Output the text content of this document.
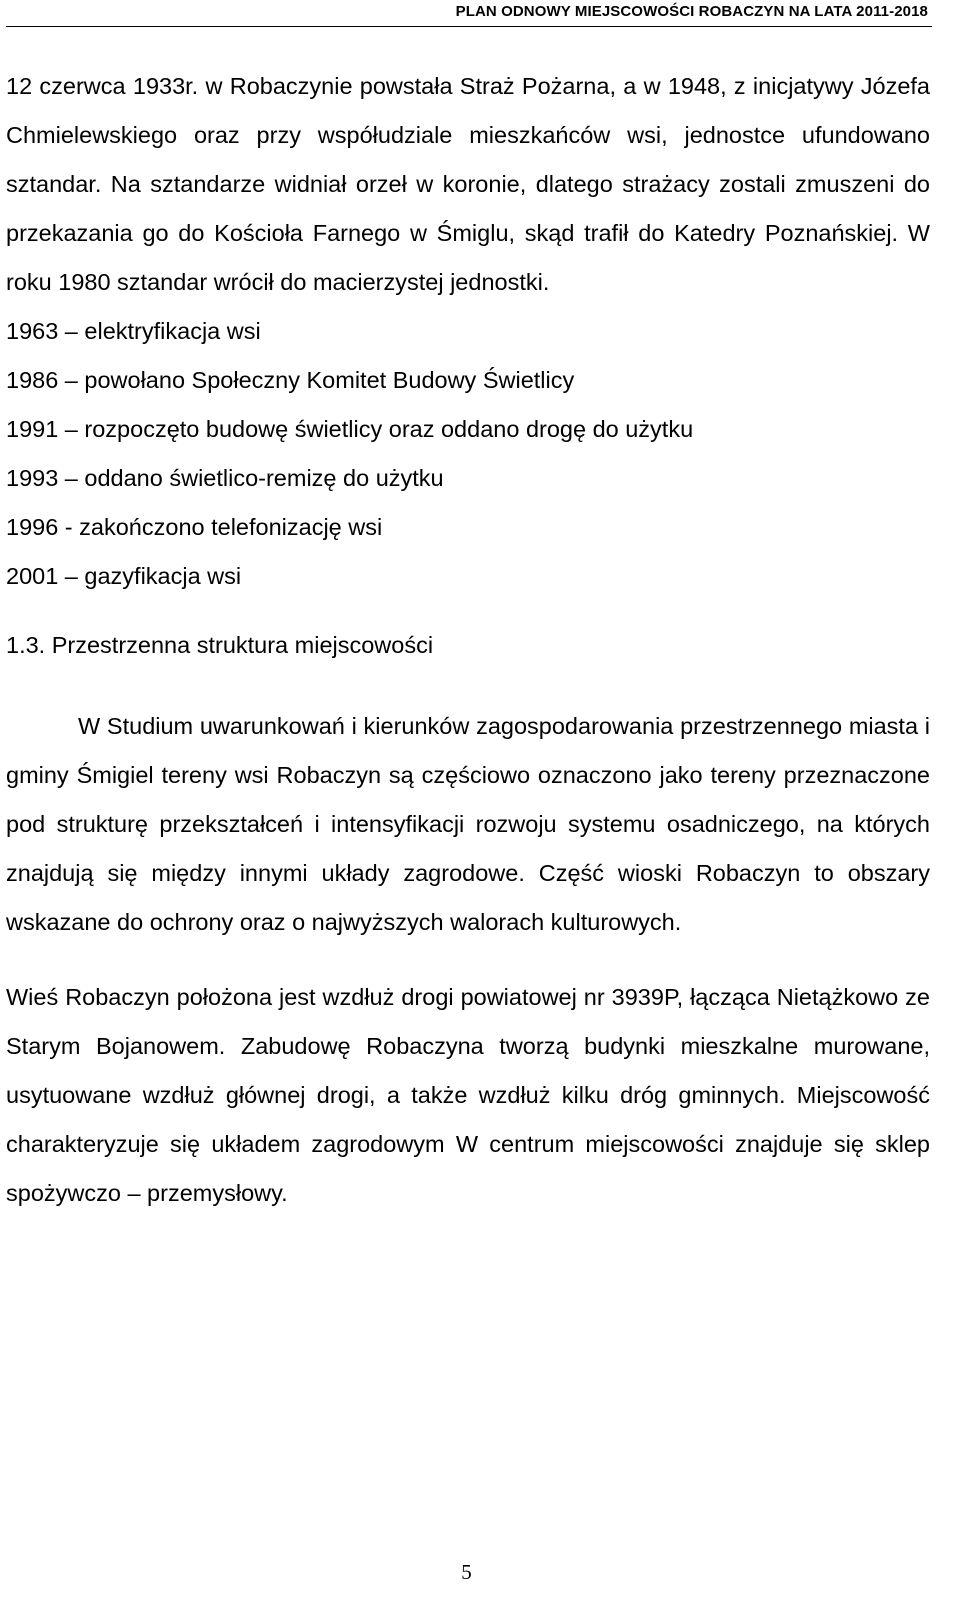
PLAN ODNOWY MIEJSCOWOŚCI ROBACZYN NA LATA 2011-2018

12 czerwca 1933r. w Robaczynie powstała Straż Pożarna, a w 1948, z inicjatywy Józefa Chmielewskiego oraz przy współudziale mieszkańców wsi, jednostce ufundowano sztandar. Na sztandarze widniał orzeł w koronie, dlatego strażacy zostali zmuszeni do przekazania go do Kościoła Farnego w Śmiglu, skąd trafił do Katedry Poznańskiej. W roku 1980 sztandar wrócił do macierzystej jednostki.

1963 – elektryfikacja wsi

1986 – powołano Społeczny Komitet Budowy Świetlicy

1991 – rozpoczęto budowę świetlicy oraz oddano drogę do użytku

1993 – oddano świetlico-remizę do użytku

1996 - zakończono telefonizację wsi

2001 – gazyfikacja wsi

1.3. Przestrzenna struktura miejscowości

W Studium uwarunkowań i kierunków zagospodarowania przestrzennego miasta i gminy Śmigiel tereny wsi Robaczyn są częściowo oznaczono jako tereny przeznaczone pod strukturę przekształceń i intensyfikacji rozwoju systemu osadniczego, na których znajdują się między innymi układy zagrodowe. Część wioski Robaczyn to obszary wskazane do ochrony oraz o najwyższych walorach kulturowych.

Wieś Robaczyn położona jest wzdłuż drogi powiatowej nr 3939P, łącząca Nietążkowo ze Starym Bojanowem. Zabudowę Robaczyna tworzą budynki mieszkalne murowane, usytuowane wzdłuż głównej drogi, a także wzdłuż kilku dróg gminnych. Miejscowość charakteryzuje się układem zagrodowym W centrum miejscowości znajduje się sklep spożywczo – przemysłowy.

5
